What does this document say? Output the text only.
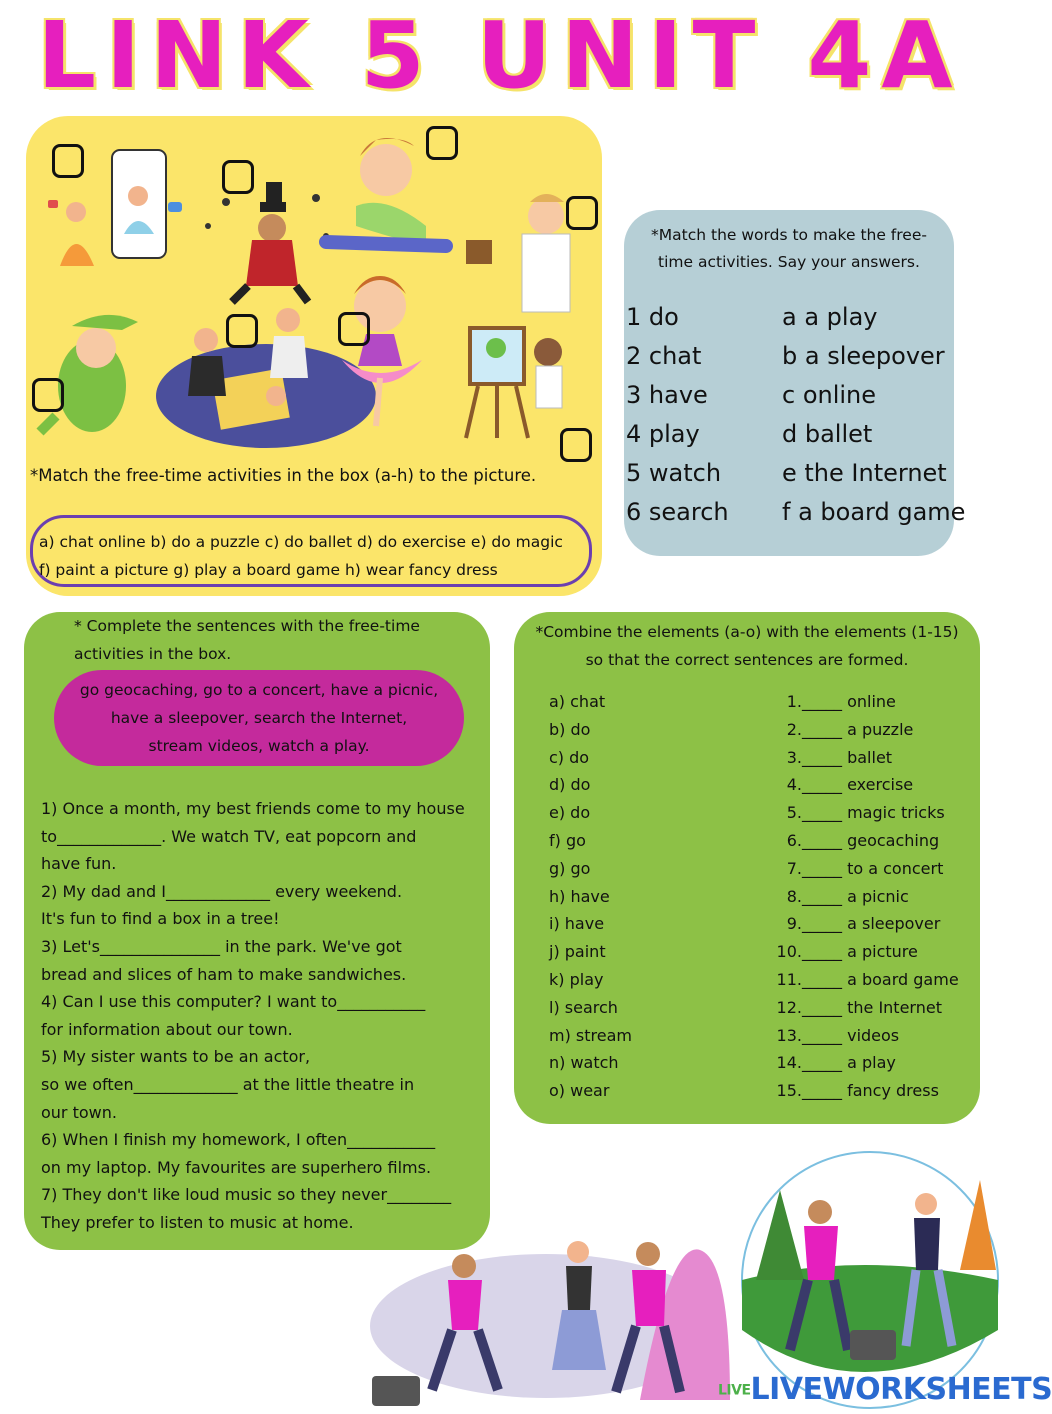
LINK 5 UNIT 4A
*Match the free-time activities in the box (a-h) to the picture.
a) chat online b) do a puzzle c) do ballet d) do exercise e) do magic
f) paint a picture g) play a board game h) wear fancy dress
*Match the words to make the free-time activities. Say your answers.
1 do
2 chat
3 have
4 play
5 watch
6 search
a a play
b a sleepover
c online
d ballet
e the Internet
f a board game
* Complete the sentences with the free-time activities in the box.
go geocaching, go to a concert, have a picnic,
have a sleepover, search the Internet,
stream videos, watch a play.
1) Once a month, my best friends come to my house
to_____________. We watch TV, eat popcorn and
have fun.
2) My dad and I_____________ every weekend.
It's fun to find a box in a tree!
3) Let's_______________ in the park. We've got
bread and slices of ham to make sandwiches.
4) Can I use this computer? I want to___________
for information about our town.
5) My sister wants to be an actor,
so we often_____________ at the little theatre in
our town.
6) When I finish my homework, I often___________
on my laptop. My favourites are superhero films.
7) They don't like loud music so they never________
They prefer to listen to music at home.
*Combine the elements (a-o) with the elements (1-15)
so that the correct sentences are formed.
a) chat
b) do
c) do
d) do
e) do
f) go
g) go
h) have
i) have
j) paint
k) play
l) search
m) stream
n) watch
o) wear
1._____ online
2._____ a puzzle
3._____ ballet
4._____ exercise
5._____ magic tricks
6._____ geocaching
7._____ to a concert
8._____ a picnic
9._____ a sleepover
10._____ a picture
11._____ a board game
12._____ the Internet
13._____ videos
14._____ a play
15._____ fancy dress
LIVELIVEWORKSHEETS
